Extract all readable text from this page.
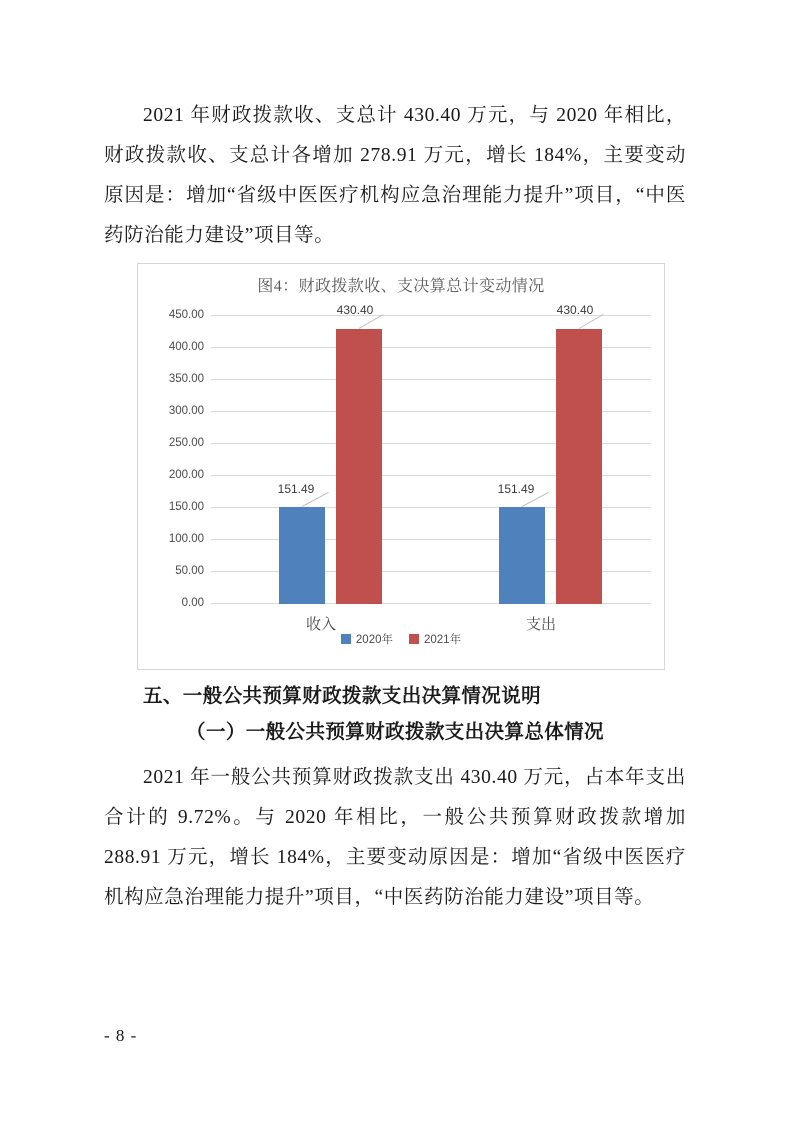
2021 年财政拨款收、支总计 430.40 万元，与 2020 年相比，财政拨款收、支总计各增加 278.91 万元，增长 184%，主要变动原因是：增加“省级中医医疗机构应急治理能力提升”项目，“中医药防治能力建设”项目等。

图4：财政拨款收、支决算总计变动情况
0.00
50.00
100.00
150.00
200.00
250.00
300.00
350.00
400.00
450.00
151.49
430.40
收入
151.49
430.40
支出
2020年	2021年
五、一般公共预算财政拨款支出决算情况说明
（一）一般公共预算财政拨款支出决算总体情况

2021 年一般公共预算财政拨款支出 430.40 万元，占本年支出合计的 9.72%。与 2020 年相比，一般公共预算财政拨款增加 288.91 万元，增长 184%，主要变动原因是：增加“省级中医医疗机构应急治理能力提升”项目，“中医药防治能力建设”项目等。

- 8 -
